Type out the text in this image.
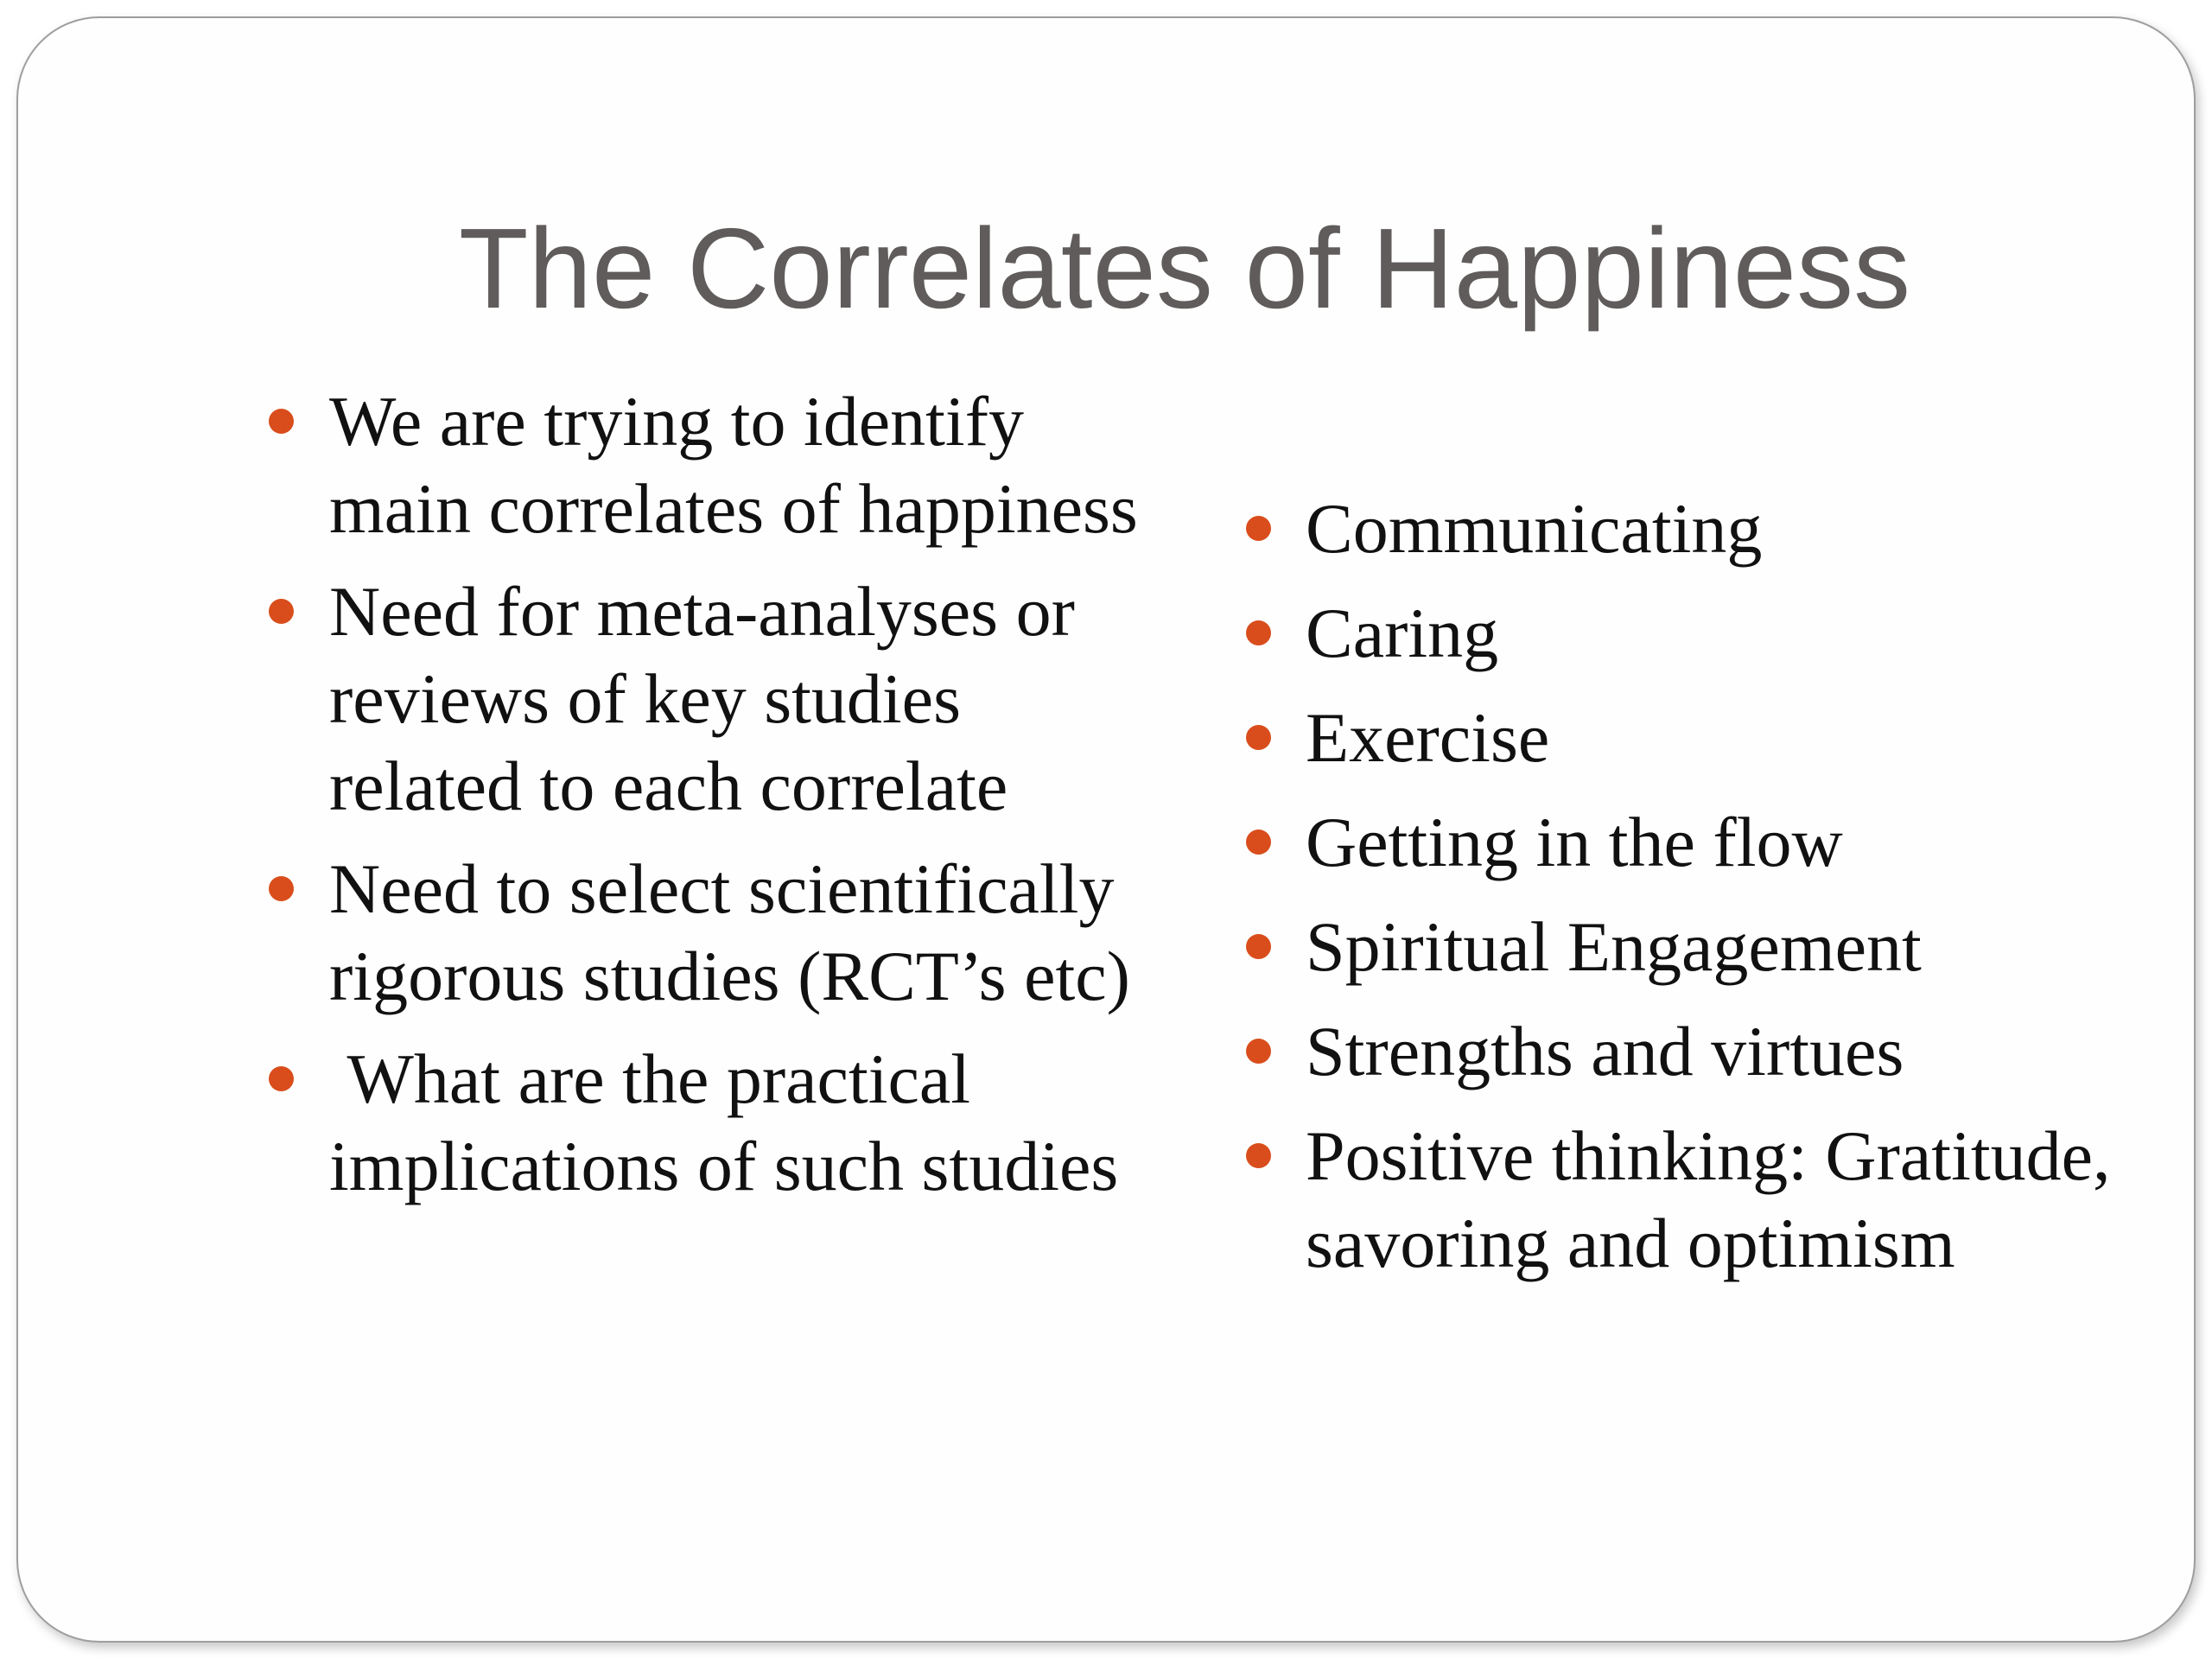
The Correlates of Happiness
We are trying to identify main correlates of happiness
Need for meta-analyses or reviews of key studies related to each correlate
Need to select scientifically rigorous studies (RCT’s etc)
What are the practical implications of such studies
Communicating
Caring
Exercise
Getting in the flow
Spiritual Engagement
Strengths and virtues
Positive thinking: Gratitude, savoring and optimism
